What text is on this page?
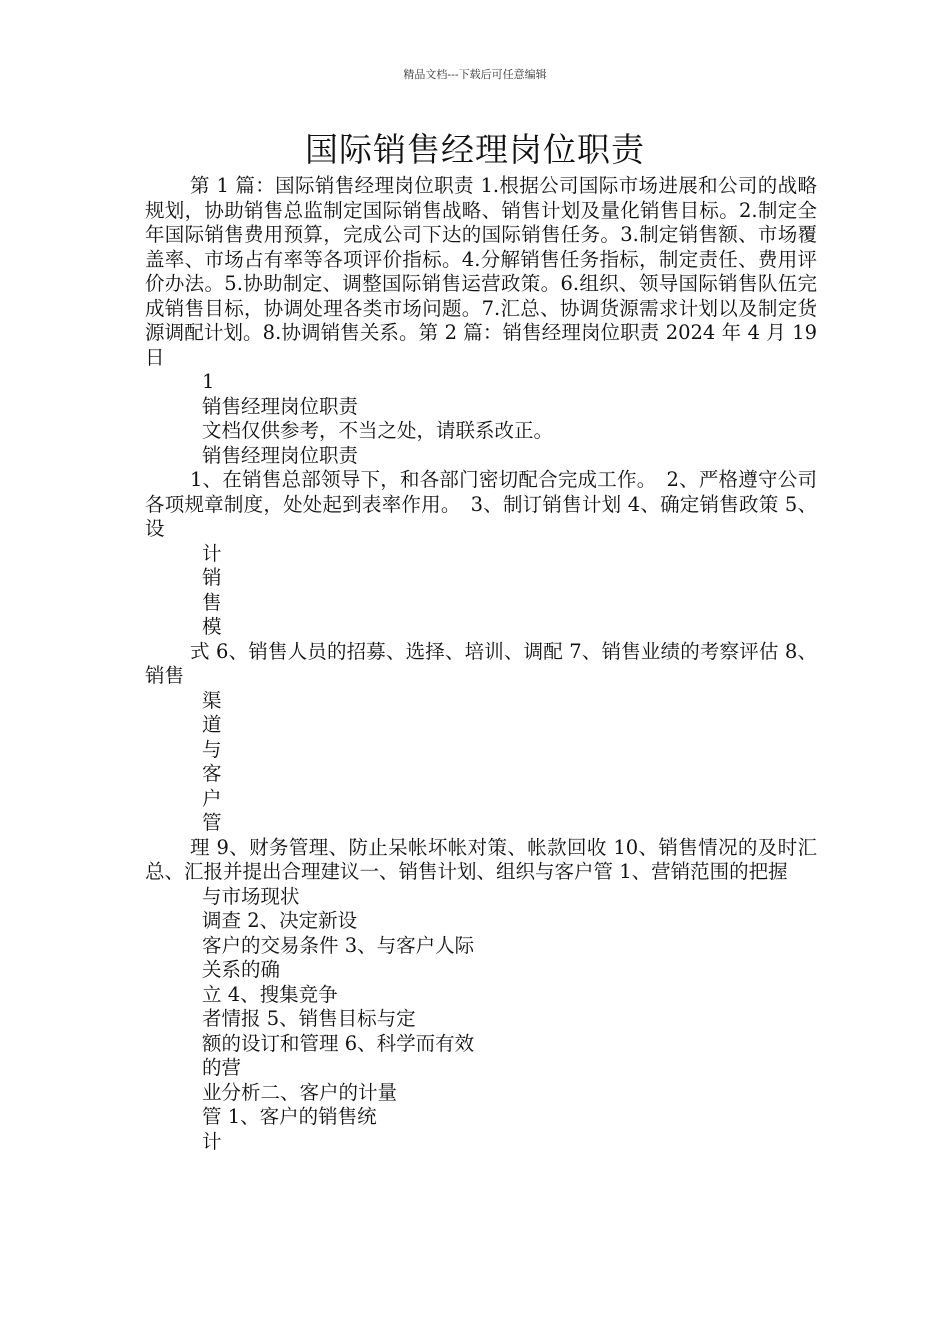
精品文档---下载后可任意编辑
国际销售经理岗位职责

第 1 篇：国际销售经理岗位职责 1.根据公司国际市场进展和公司的战略规划，协助销售总监制定国际销售战略、销售计划及量化销售目标。2.制定全年国际销售费用预算，完成公司下达的国际销售任务。3.制定销售额、市场覆盖率、市场占有率等各项评价指标。4.分解销售任务指标，制定责任、费用评价办法。5.协助制定、调整国际销售运营政策。6.组织、领导国际销售队伍完成销售目标，协调处理各类市场问题。7.汇总、协调货源需求计划以及制定货源调配计划。8.协调销售关系。第 2 篇：销售经理岗位职责 2024 年 4 月 19 日

1

销售经理岗位职责

文档仅供参考，不当之处，请联系改正。

销售经理岗位职责

1、在销售总部领导下，和各部门密切配合完成工作。　2、严格遵守公司各项规章制度，处处起到表率作用。　3、制订销售计划 4、确定销售政策 5、设

计

销

售

模

式 6、销售人员的招募、选择、培训、调配 7、销售业绩的考察评估 8、销售

渠

道

与

客

户

管

理 9、财务管理、防止呆帐坏帐对策、帐款回收 10、销售情况的及时汇总、汇报并提出合理建议一、销售计划、组织与客户管 1、营销范围的把握

与市场现状

调查 2、决定新设

客户的交易条件 3、与客户人际

关系的确

立 4、搜集竞争

者情报 5、销售目标与定

额的设订和管理 6、科学而有效

的营

业分析二、客户的计量

管 1、客户的销售统

计
